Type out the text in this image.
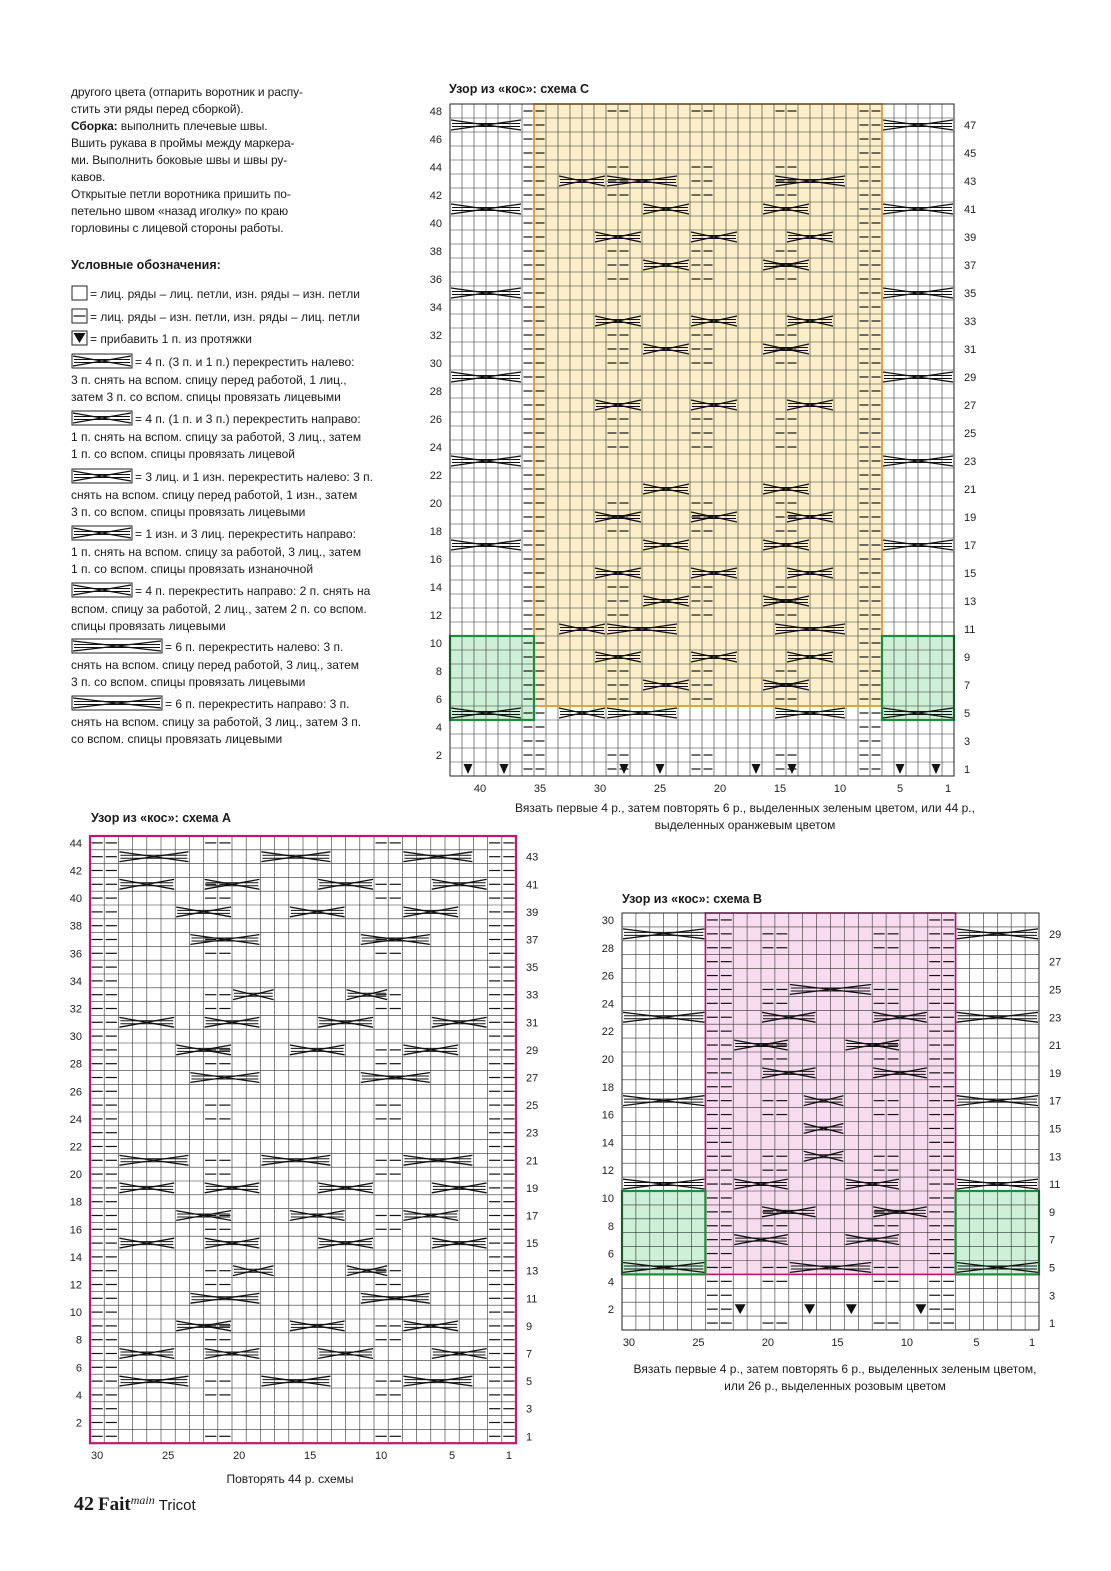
другого цвета (отпарить воротник и распу-

стить эти ряды перед сборкой).

Сборка: выполнить плечевые швы.

Вшить рукава в проймы между маркера-

ми. Выполнить боковые швы и швы ру-

кавов.

Открытые петли воротника пришить по-

петельно швом «назад иголку» по краю

горловины с лицевой стороны работы.

Условные обозначения:
= лиц. ряды – лиц. петли, изн. ряды – изн. петли
= лиц. ряды – изн. петли, изн. ряды – лиц. петли
= прибавить 1 п. из протяжки
= 4 п. (3 п. и 1 п.) перекрестить налево:
3 п. снять на вспом. спицу перед работой, 1 лиц.,
затем 3 п. со вспом. спицы провязать лицевыми
= 4 п. (1 п. и 3 п.) перекрестить направо:
1 п. снять на вспом. спицу за работой, 3 лиц., затем
1 п. со вспом. спицы провязать лицевой
= 3 лиц. и 1 изн. перекрестить налево: 3 п.
снять на вспом. спицу перед работой, 1 изн., затем
3 п. со вспом. спицы провязать лицевыми
= 1 изн. и 3 лиц. перекрестить направо:
1 п. снять на вспом. спицу за работой, 3 лиц., затем
1 п. со вспом. спицы провязать изнаночной
= 4 п. перекрестить направо: 2 п. снять на
вспом. спицу за работой, 2 лиц., затем 2 п. со вспом.
спицы провязать лицевыми
= 6 п. перекрестить налево: 3 п.
снять на вспом. спицу перед работой, 3 лиц., затем
3 п. со вспом. спицы провязать лицевыми
= 6 п. перекрестить направо: 3 п.
снять на вспом. спицу за работой, 3 лиц., затем 3 п.
со вспом. спицы провязать лицевыми
Узор из «кос»: схема С
Узор из «кос»: схема А
Узор из «кос»: схема В
2
4
6
8
10
12
14
16
18
20
22
24
26
28
30
32
34
36
38
40
42
44
46
48
1
3
5
7
9
11
13
15
17
19
21
23
25
27
29
31
33
35
37
39
41
43
45
47
1
5
10
15
20
25
30
35
40
2
4
6
8
10
12
14
16
18
20
22
24
26
28
30
32
34
36
38
40
42
44
1
3
5
7
9
11
13
15
17
19
21
23
25
27
29
31
33
35
37
39
41
43
1
5
10
15
20
25
30
2
4
6
8
10
12
14
16
18
20
22
24
26
28
30
1
3
5
7
9
11
13
15
17
19
21
23
25
27
29
1
5
10
15
20
25
30
Вязать первые 4 р., затем повторять 6 р., выделенных зеленым цветом, или 44 р.,
выделенных оранжевым цветом
Повторять 44 р. схемы
Вязать первые 4 р., затем повторять 6 р., выделенных зеленым цветом,
или 26 р., выделенных розовым цветом
42 Fait$^{main}$ Tricot
